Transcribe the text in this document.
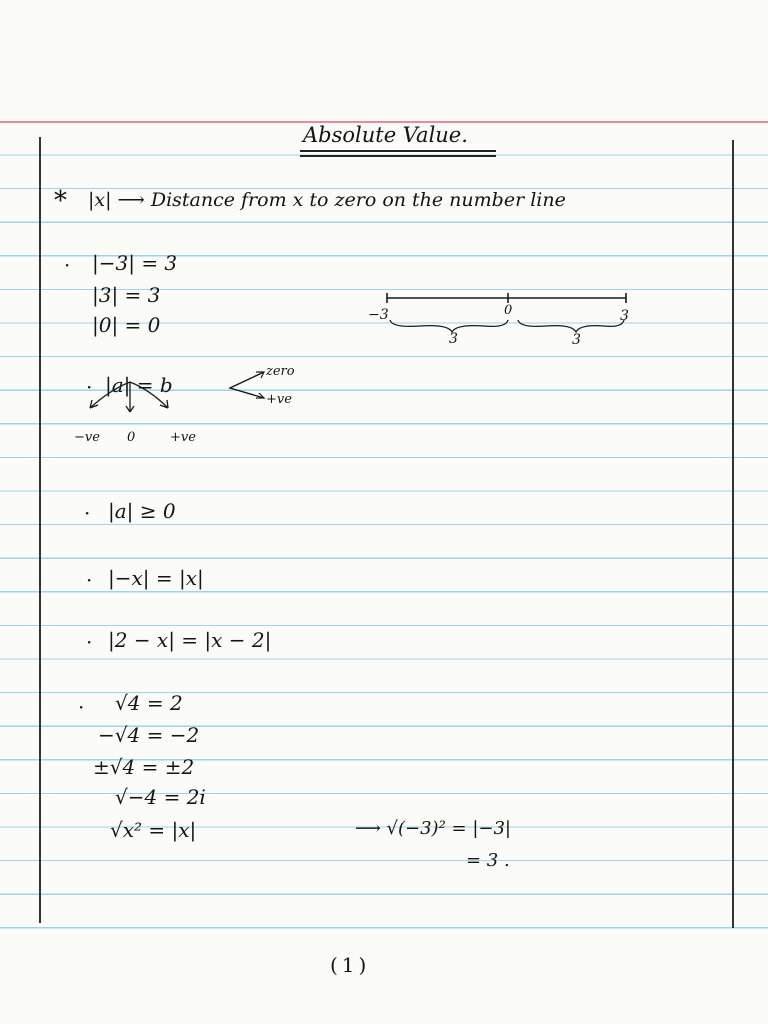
Absolute Value.
* |x| ⟶ Distance from x to zero on the number line
· |−3| = 3
|3| = 3
|0| = 0	−3	0	3
3	3
· |a| = b
zero
+ve
−ve 0	+ve
· |a| ≥ 0
· |−x| = |x|
· |2 − x| = |x − 2|
· √4 = 2
−√4 = −2
±√4 = ±2
√−4 = 2i
√x² = |x|	⟶ √(−3)² = |−3|
= 3 .
(1)
